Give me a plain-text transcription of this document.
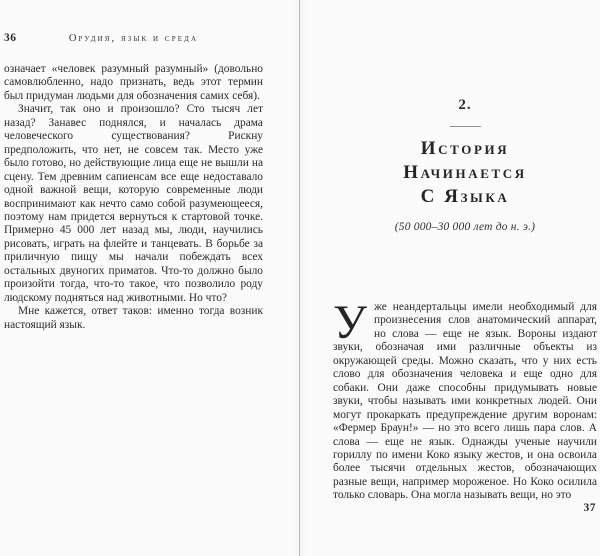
36	Орудия, язык и среда

означает «человек разумный разумный» (довольно самовлюбленно, надо признать, ведь этот термин был придуман людьми для обозначения самих себя).

Значит, так оно и произошло? Сто тысяч лет назад? Занавес поднялся, и началась драма человеческого существования? Рискну предположить, что нет, не совсем так. Место уже было готово, но действующие лица еще не вышли на сцену. Тем древним сапиенсам все еще недоставало одной важной вещи, которую современные люди воспринимают как нечто само собой разумеющееся, поэтому нам придется вернуться к стартовой точке. Примерно 45 000 лет назад мы, люди, научились рисовать, играть на флейте и танцевать. В борьбе за приличную пищу мы начали побеждать всех остальных двуногих приматов. Что-то должно было произойти тогда, что-то такое, что позволило роду людскому подняться над животными. Но что?

Мне кажется, ответ таков: именно тогда возник настоящий язык.

2.
История
Начинается
С Языка
(50 000–30 000 лет до н. э.)

Уже неандертальцы имели необходимый для произнесения слов анатомический аппарат, но слова — еще не язык. Вороны издают звуки, обозначая ими различные объекты из окружающей среды. Можно сказать, что у них есть слово для обозначения человека и еще одно для собаки. Они даже способны придумывать новые звуки, чтобы называть ими конкретных людей. Они могут прокаркать предупреждение другим воронам: «Фермер Браун!» — но это всего лишь пара слов. А слова — еще не язык. Однажды ученые научили гориллу по имени Коко языку жестов, и она освоила более тысячи отдельных жестов, обозначающих разные вещи, например мороженое. Но Коко осилила только словарь. Она могла называть вещи, но это

37
